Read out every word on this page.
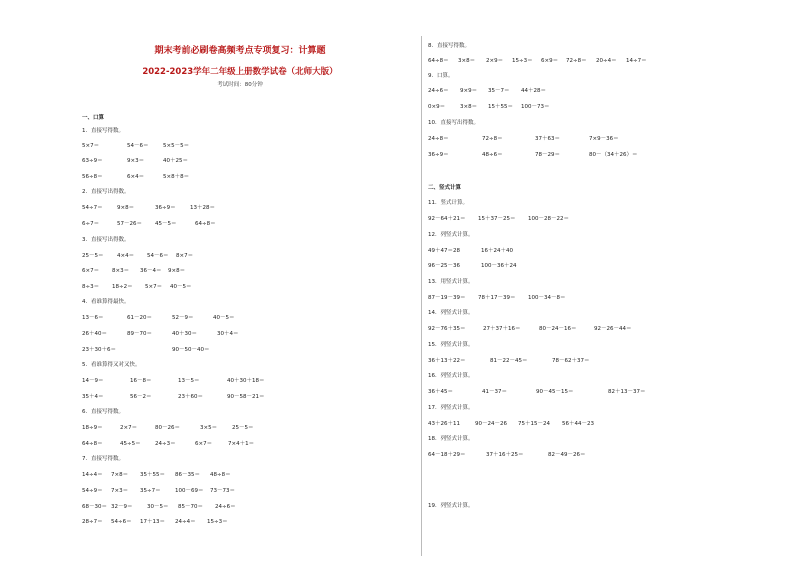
期末考前必刷卷高频考点专项复习：计算题
2022-2023学年二年级上册数学试卷（北师大版）
考试时间：80分钟
一、口算
1．直接写得数。
5×7＝	54－6＝	5×5－5＝
63÷9＝	9×3＝	40＋25＝
56÷8＝	6×4＝	5×8＋8＝
2．直接写出得数。
54÷7＝	9×8＝	36÷9＝	13＋28＝
6÷7＝	57－26＝ 45－5＝	64÷8＝
3．直接写出得数。
25－5＝ 4×4＝ 54－6＝ 8×7＝
6×7＝ 8×3＝ 36－4＝ 9×8＝
8÷3＝ 18÷2＝ 5×7＝ 40－5＝
4．看谁算得最快。
13－6＝	61－20＝	52－9＝	40－5＝
26＋40＝	89－70＝	40＋30＝	30＋4＝
23＋30＋6＝	90－50－40＝
5．看谁算得又对又快。
14－9＝	16－8＝	13－5＝	40＋30＋18＝
35＋4＝	56－2＝	23＋60＝	90－58－21＝
6．直接写得数。
18÷9＝	2×7＝	80－26＝	3×5＝	25－5＝
64÷8＝	45÷5＝	24÷3＝	6×7＝	7×4＋1＝
7．直接写得数。
14÷4＝ 7×8＝ 35＋55＝ 86－35＝ 48÷8＝
54÷9＝ 7×3＝ 35÷7＝	100－69＝ 73－73＝
68－30＝ 32－9＝	30－5＝ 85－70＝ 24÷6＝
28÷7＝ 54÷6＝ 17＋13＝ 24÷4＝ 15÷3＝
8．直接写得数。
64÷8＝ 3×8＝ 2×9＝ 15÷3＝ 6×9＝ 72÷8＝ 20÷4＝ 14÷7＝
9．口算。
24÷6＝ 9×9＝ 35－7＝ 44＋28＝
0×9＝	3×8＝ 15＋55＝ 100－73＝
10．直接写出得数。
24÷8＝	72÷8＝	37＋63＝	7×9－36＝
36÷9＝	48÷6＝	78－29＝	80－（34＋26）＝
二、竖式计算
11．竖式计算。
92－64＋21＝ 15＋37－25＝ 100－28－22＝
12．列竖式计算。
49＋47＝28	16＋24＋40
96－25－36	100－36＋24
13．用竖式计算。
87－19－39＝ 78＋17－39＝ 100－34－8＝
14．列竖式计算。
92－76＋35＝	27＋37＋16＝	80－24－16＝	92－26－44＝
15．列竖式计算。
36＋13＋22＝	81－22－45＝	78－62＋37＝
16．列竖式计算。
36＋45＝	41－37＝	90－45－15＝	82＋13－37＝
17．列竖式计算。
43＋26＋11	90－24－26 75＋15－24 56＋44－23
18．列竖式计算。
64－18＋29＝	37＋16＋25＝	82－49－26＝
19．列竖式计算。
